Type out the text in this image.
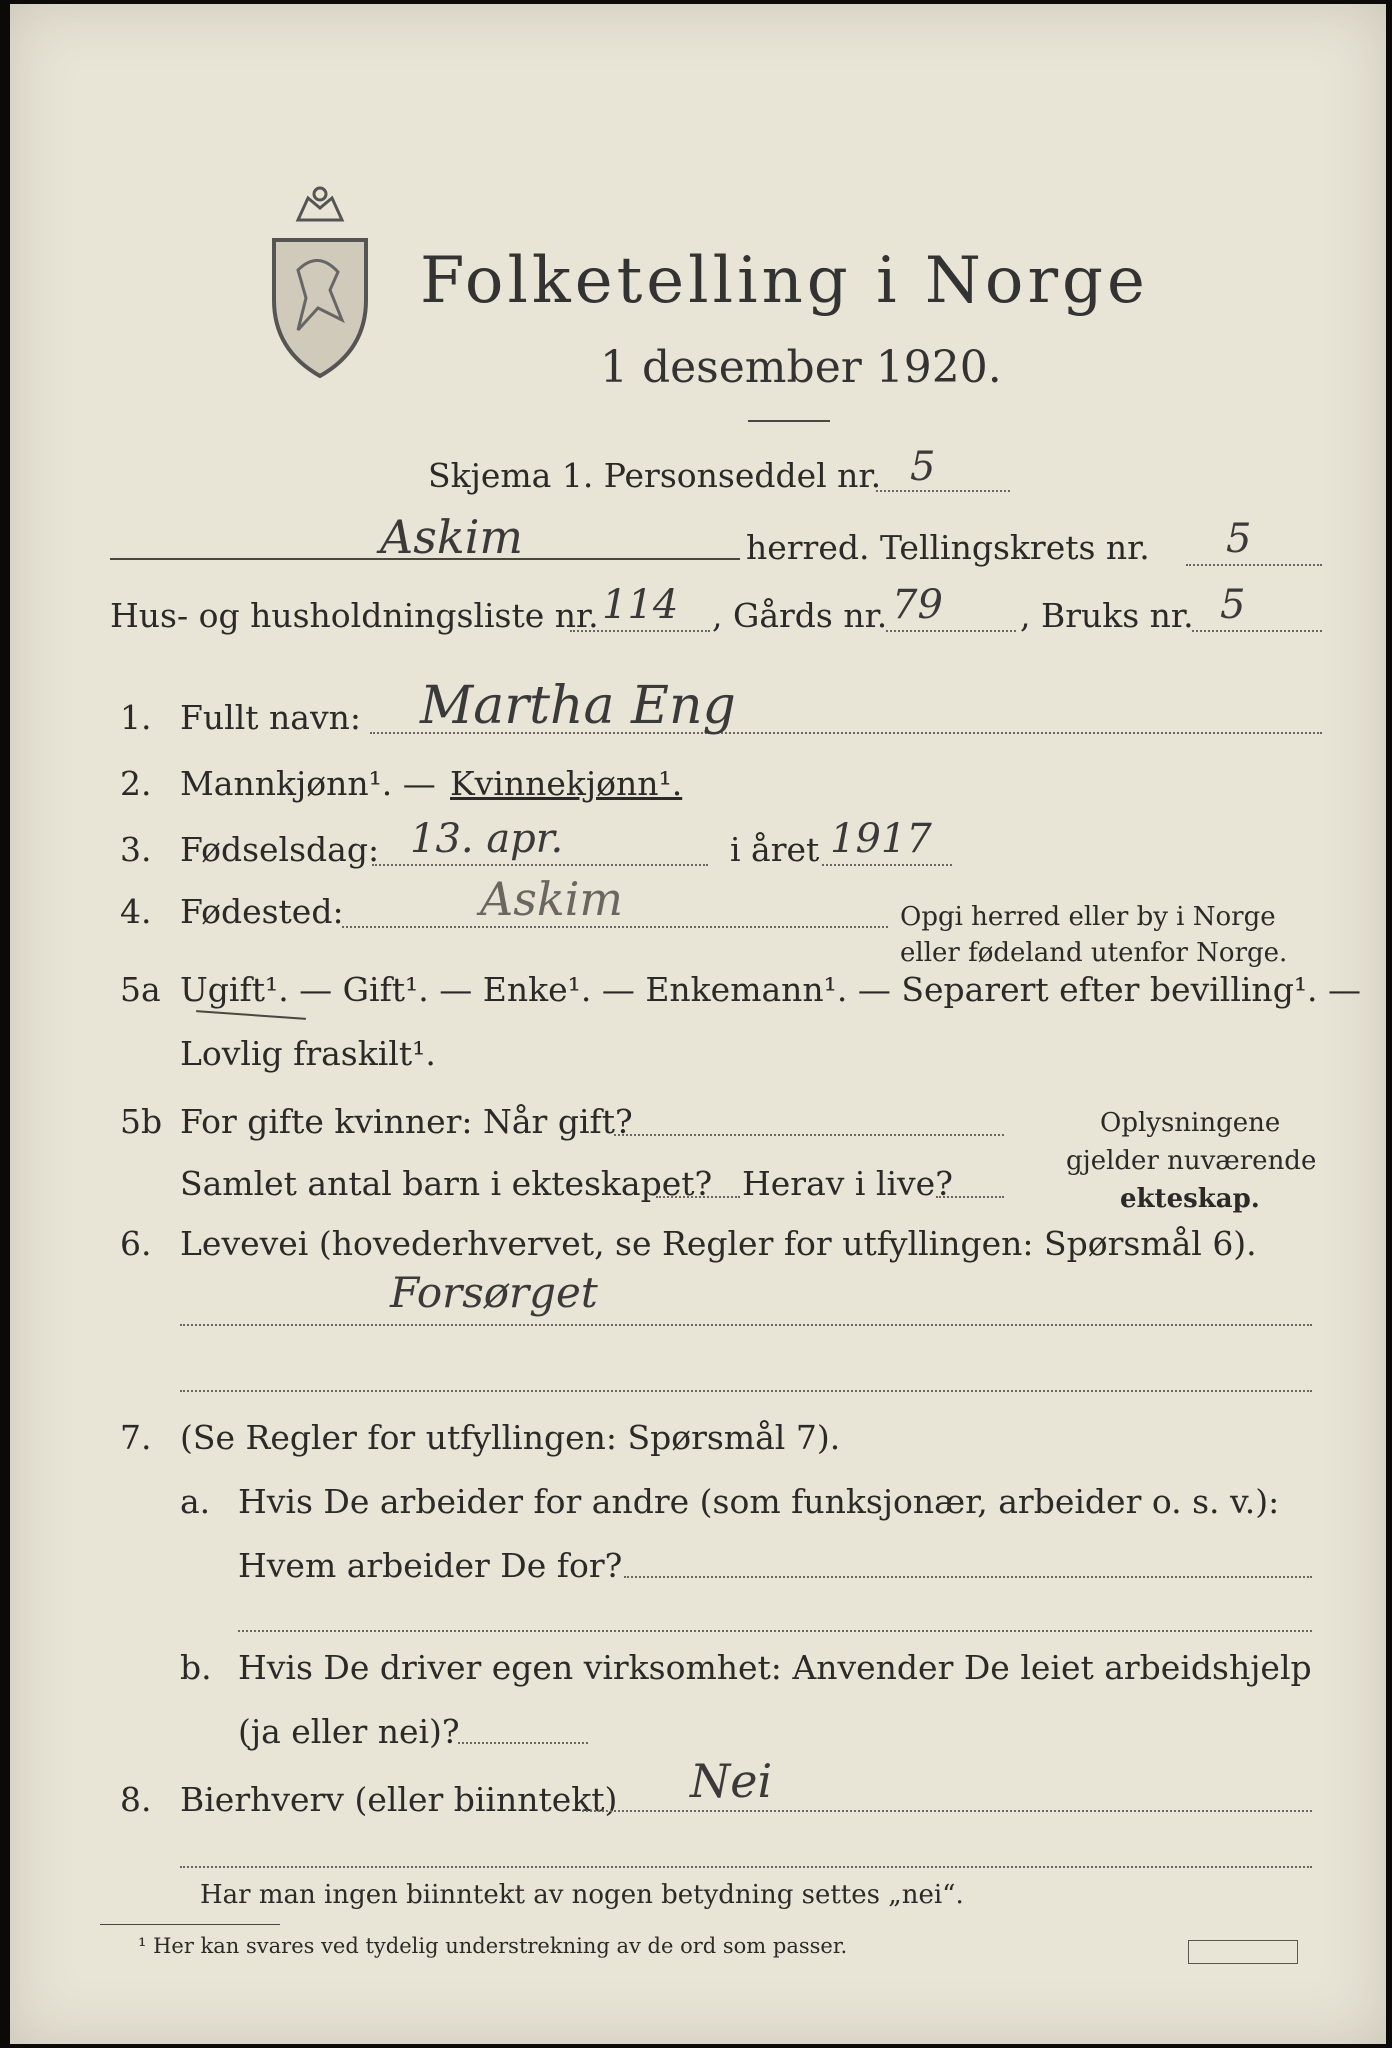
Folketelling i Norge
1 desember 1920.
Skjema 1. Personseddel nr. 5
Askim	herred. Tellingskrets nr. 5
Hus- og husholdningsliste nr. 114 , Gårds nr. 79 , Bruks nr. 5
1. Fullt navn: Martha Eng
2. Mannkjønn¹. — Kvinnekjønn¹.
3. Fødselsdag: 13. apr.	i året 1917
4. Fødested:	Askim	Opgi herred eller by i Norge
eller fødeland utenfor Norge.
5a Ugift¹. — Gift¹. — Enke¹. — Enkemann¹. — Separert efter bevilling¹. —
Lovlig fraskilt¹.
5b For gifte kvinner: Når gift?
Samlet antal barn i ekteskapet? Herav i live?
Oplysningene
gjelder nuværende
ekteskap.
6. Levevei (hovederhvervet, se Regler for utfyllingen: Spørsmål 6).
Forsørget
7. (Se Regler for utfyllingen: Spørsmål 7).
a. Hvis De arbeider for andre (som funksjonær, arbeider o. s. v.):
Hvem arbeider De for?
b. Hvis De driver egen virksomhet: Anvender De leiet arbeidshjelp
(ja eller nei)?
8. Bierhverv (eller biinntekt) Nei
Har man ingen biinntekt av nogen betydning settes „nei“.
¹ Her kan svares ved tydelig understrekning av de ord som passer.
